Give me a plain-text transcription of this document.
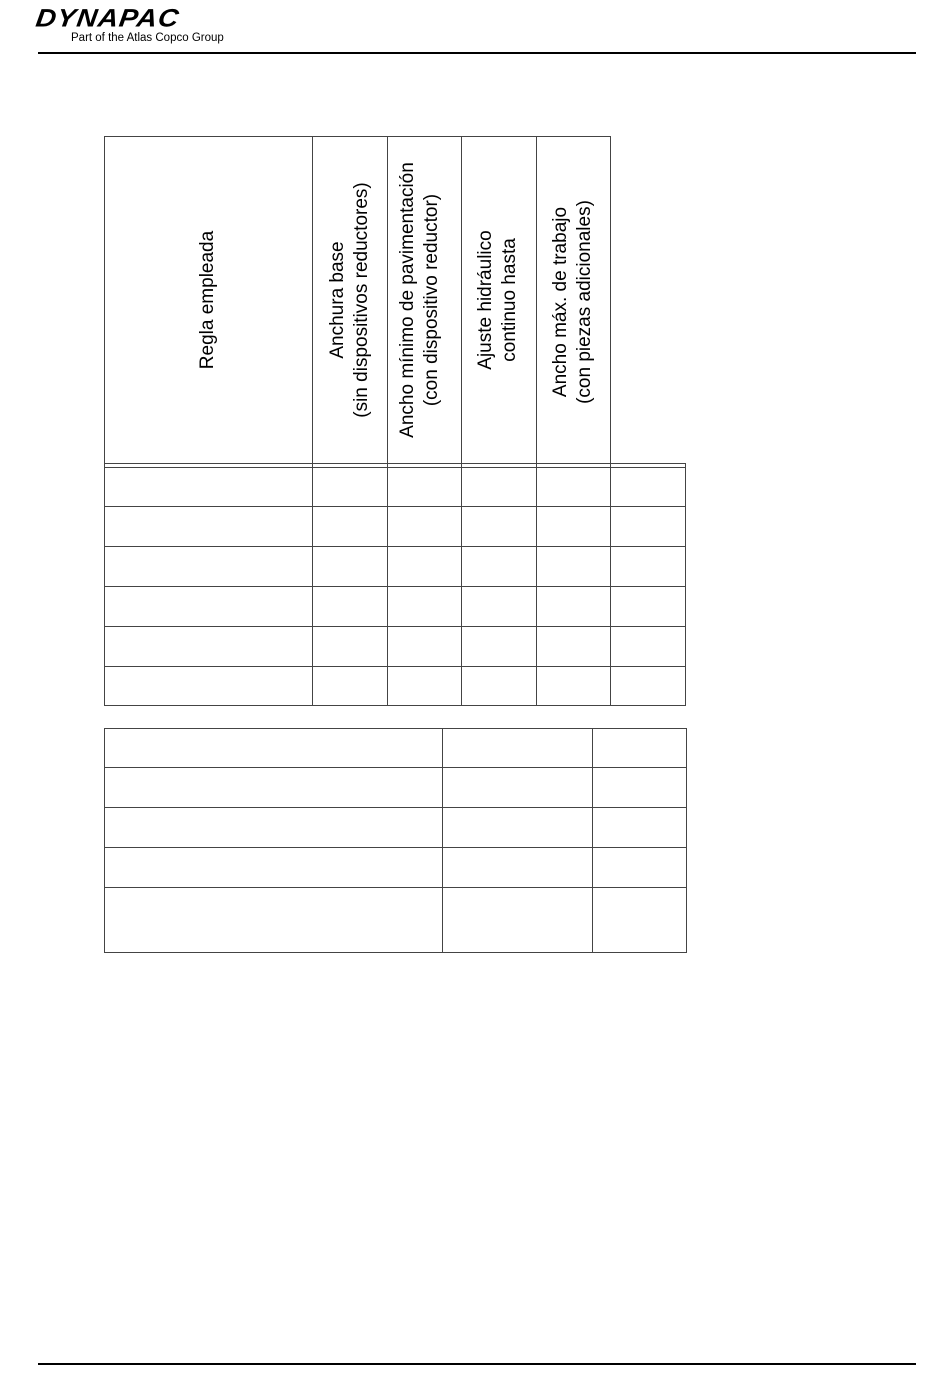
DYNAPAC
Part of the Atlas Copco Group
Regla empleada	Anchura base (sin dispositivos reductores) Ancho mínimo de pavimentación (con dispositivo reductor) Ajuste hidráulico continuo hasta Ancho máx. de trabajo (con piezas adicionales)
